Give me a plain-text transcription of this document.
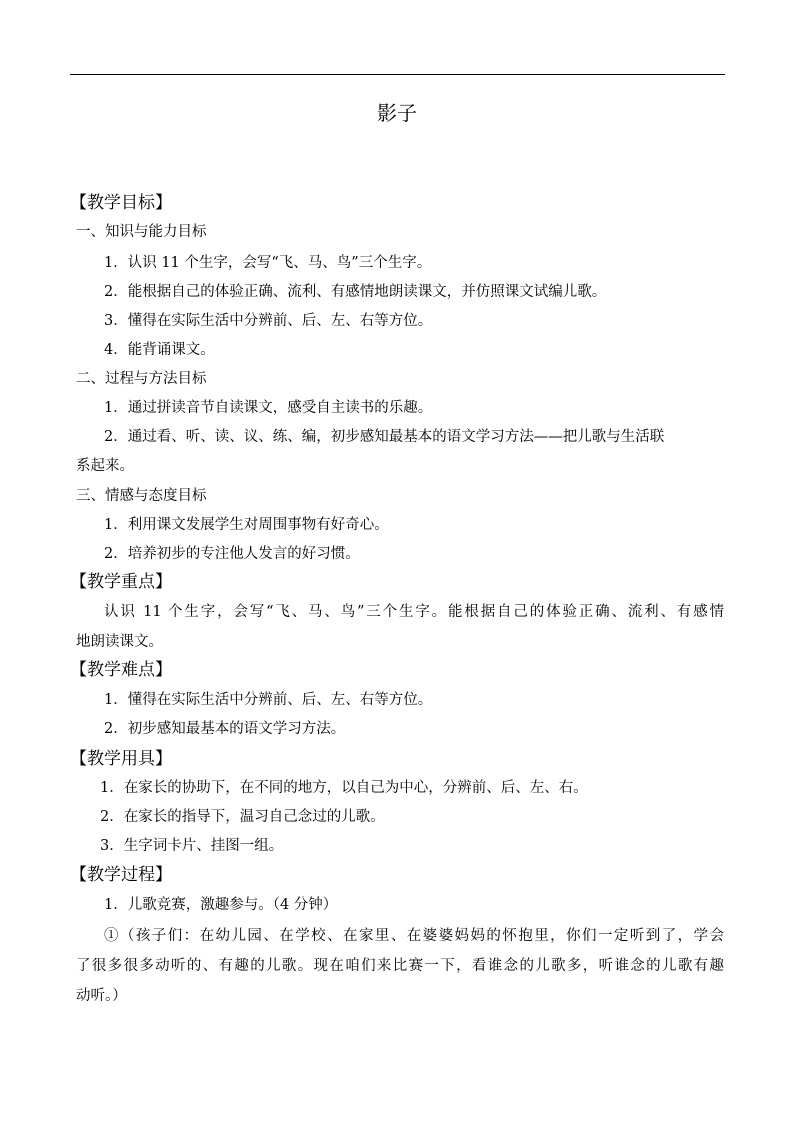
影子
【教学目标】
一、知识与能力目标
1．认识 11 个生字，会写“飞、马、鸟”三个生字。
2．能根据自己的体验正确、流利、有感情地朗读课文，并仿照课文试编儿歌。
3．懂得在实际生活中分辨前、后、左、右等方位。
4．能背诵课文。
二、过程与方法目标
1．通过拼读音节自读课文，感受自主读书的乐趣。
2．通过看、听、读、议、练、编，初步感知最基本的语文学习方法——把儿歌与生活联
系起来。
三、情感与态度目标
1．利用课文发展学生对周围事物有好奇心。
2．培养初步的专注他人发言的好习惯。
【教学重点】
认识 11 个生字，会写“飞、马、鸟”三个生字。能根据自己的体验正确、流利、有感情
地朗读课文。
【教学难点】
1．懂得在实际生活中分辨前、后、左、右等方位。
2．初步感知最基本的语文学习方法。
【教学用具】
1．在家长的协助下，在不同的地方，以自己为中心，分辨前、后、左、右。
2．在家长的指导下，温习自己念过的儿歌。
3．生字词卡片、挂图一组。
【教学过程】
1．儿歌竞赛，激趣参与。（4 分钟）
①（孩子们：在幼儿园、在学校、在家里、在婆婆妈妈的怀抱里，你们一定听到了，学会
了很多很多动听的、有趣的儿歌。现在咱们来比赛一下，看谁念的儿歌多，听谁念的儿歌有趣
动听。）
